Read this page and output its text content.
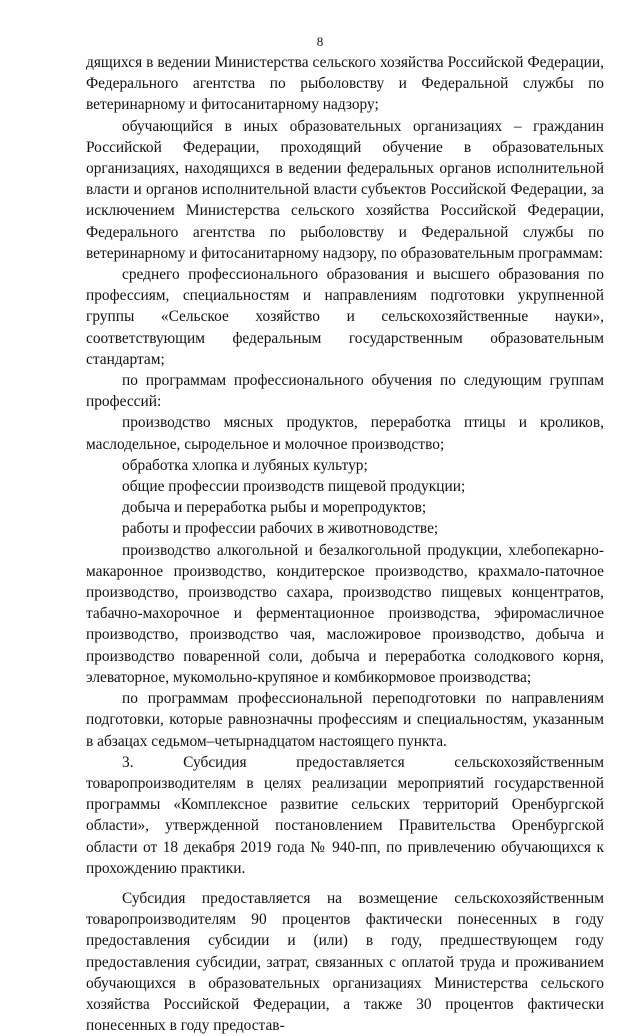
8

дящихся в ведении Министерства сельского хозяйства Российской Федерации, Федерального агентства по рыболовству и Федеральной службы по ветеринарному и фитосанитарному надзору;

обучающийся в иных образовательных организациях – гражданин Российской Федерации, проходящий обучение в образовательных организациях, находящихся в ведении федеральных органов исполнительной власти и органов исполнительной власти субъектов Российской Федерации, за исключением Министерства сельского хозяйства Российской Федерации, Федерального агентства по рыболовству и Федеральной службы по ветеринарному и фитосанитарному надзору, по образовательным программам:

среднего профессионального образования и высшего образования по профессиям, специальностям и направлениям подготовки укрупненной группы «Сельское хозяйство и сельскохозяйственные науки», соответствующим федеральным государственным образовательным стандартам;

по программам профессионального обучения по следующим группам профессий:

производство мясных продуктов, переработка птицы и кроликов, маслодельное, сыродельное и молочное производство;

обработка хлопка и лубяных культур;

общие профессии производств пищевой продукции;

добыча и переработка рыбы и морепродуктов;

работы и профессии рабочих в животноводстве;

производство алкогольной и безалкогольной продукции, хлебопекарно-макаронное производство, кондитерское производство, крахмало-паточное производство, производство сахара, производство пищевых концентратов, табачно-махорочное и ферментационное производства, эфиромасличное производство, производство чая, масложировое производство, добыча и производство поваренной соли, добыча и переработка солодкового корня, элеваторное, мукомольно-крупяное и комбикормовое производства;

по программам профессиональной переподготовки по направлениям подготовки, которые равнозначны профессиям и специальностям, указанным в абзацах седьмом–четырнадцатом настоящего пункта.

3. Субсидия предоставляется сельскохозяйственным товаропроизводителям в целях реализации мероприятий государственной программы «Комплексное развитие сельских территорий Оренбургской области», утвержденной постановлением Правительства Оренбургской области от 18 декабря 2019 года № 940-пп, по привлечению обучающихся к прохождению практики.

Субсидия предоставляется на возмещение сельскохозяйственным товаропроизводителям 90 процентов фактически понесенных в году предоставления субсидии и (или) в году, предшествующем году предоставления субсидии, затрат, связанных с оплатой труда и проживанием обучающихся в образовательных организациях Министерства сельского хозяйства Российской Федерации, а также 30 процентов фактически понесенных в году предостав-
